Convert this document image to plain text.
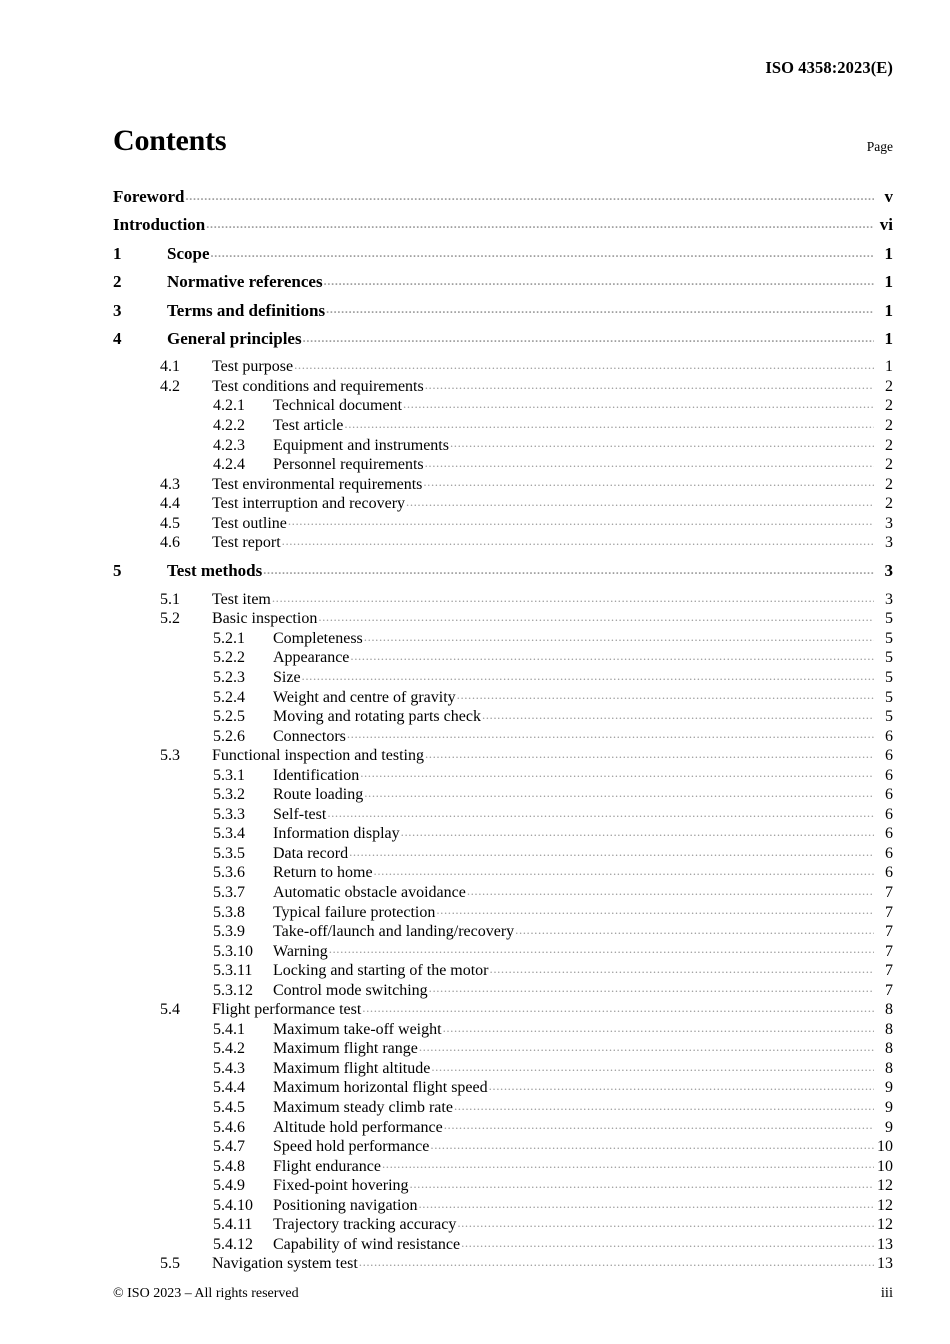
ISO 4358:2023(E)
Contents	Page
Foreword .....	v
Introduction .....	vi
1	Scope .....	1
2	Normative references .....	1
3	Terms and definitions .....	1
4	General principles .....	1
4.1	Test purpose .....	1
4.2	Test conditions and requirements .....	2
4.2.1	Technical document .....	2
4.2.2	Test article .....	2
4.2.3	Equipment and instruments .....	2
4.2.4	Personnel requirements .....	2
4.3	Test environmental requirements .....	2
4.4	Test interruption and recovery .....	2
4.5	Test outline .....	3
4.6	Test report .....	3
5	Test methods .....	3
5.1	Test item .....	3
5.2	Basic inspection .....	5
5.2.1	Completeness .....	5
5.2.2	Appearance .....	5
5.2.3	Size .....	5
5.2.4	Weight and centre of gravity .....	5
5.2.5	Moving and rotating parts check .....	5
5.2.6	Connectors .....	6
5.3	Functional inspection and testing .....	6
5.3.1	Identification .....	6
5.3.2	Route loading .....	6
5.3.3	Self-test .....	6
5.3.4	Information display .....	6
5.3.5	Data record .....	6
5.3.6	Return to home .....	6
5.3.7	Automatic obstacle avoidance .....	7
5.3.8	Typical failure protection .....	7
5.3.9	Take-off/launch and landing/recovery .....	7
5.3.10	Warning .....	7
5.3.11	Locking and starting of the motor .....	7
5.3.12	Control mode switching .....	7
5.4	Flight performance test .....	8
5.4.1	Maximum take-off weight .....	8
5.4.2	Maximum flight range .....	8
5.4.3	Maximum flight altitude .....	8
5.4.4	Maximum horizontal flight speed .....	9
5.4.5	Maximum steady climb rate .....	9
5.4.6	Altitude hold performance .....	9
5.4.7	Speed hold performance .....	10
5.4.8	Flight endurance .....	10
5.4.9	Fixed-point hovering .....	12
5.4.10	Positioning navigation .....	12
5.4.11	Trajectory tracking accuracy .....	12
5.4.12	Capability of wind resistance .....	13
5.5	Navigation system test .....	13
© ISO 2023 – All rights reserved	iii
